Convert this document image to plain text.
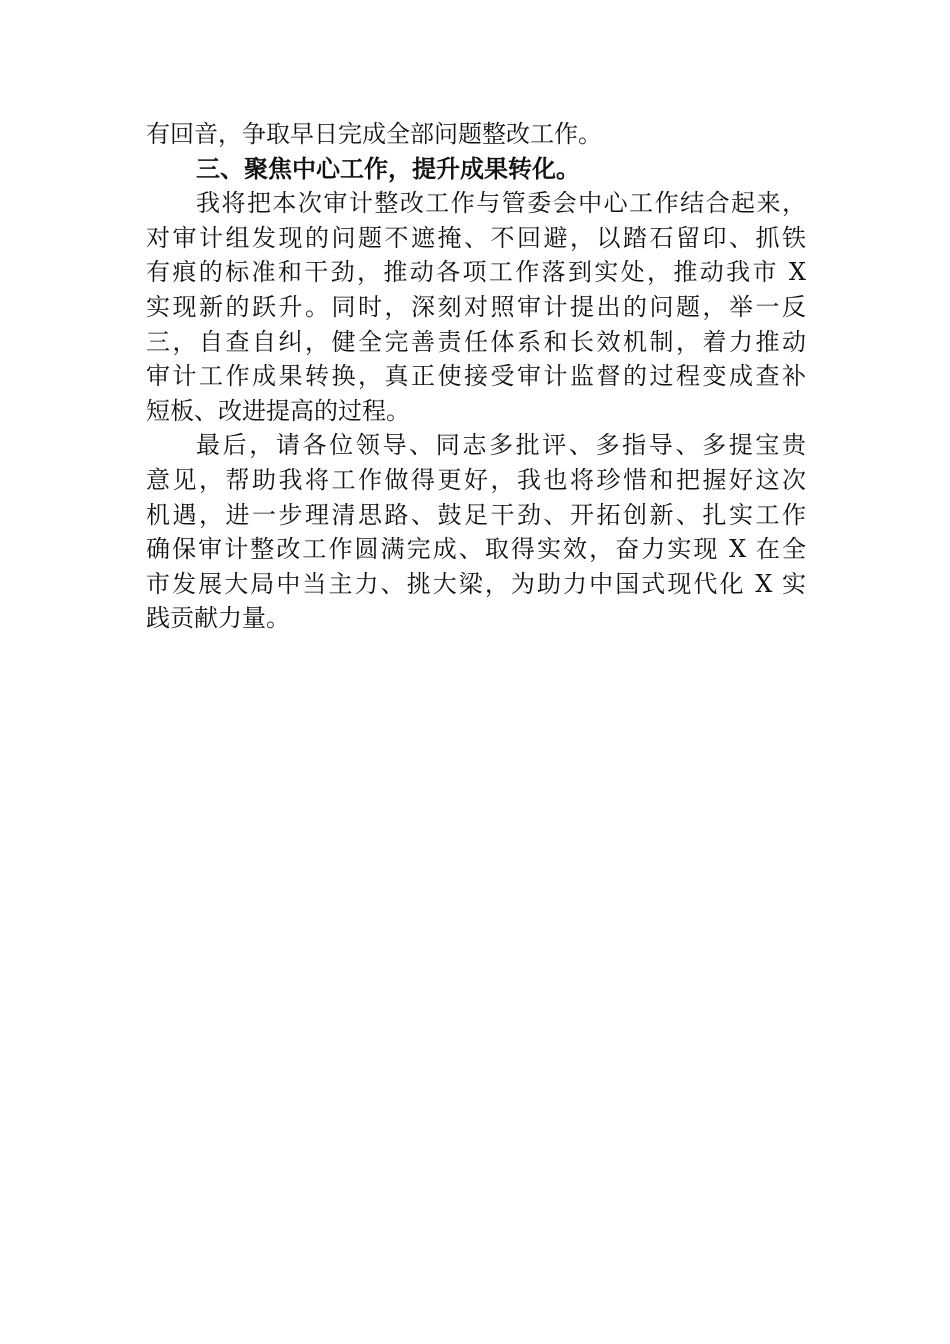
有回音，争取早日完成全部问题整改工作。
三、聚焦中心工作，提升成果转化。
我将把本次审计整改工作与管委会中心工作结合起来，
对审计组发现的问题不遮掩、不回避，以踏石留印、抓铁
有痕的标准和干劲，推动各项工作落到实处，推动我市 X
实现新的跃升。同时，深刻对照审计提出的问题，举一反
三，自查自纠，健全完善责任体系和长效机制，着力推动
审计工作成果转换，真正使接受审计监督的过程变成查补
短板、改进提高的过程。
最后，请各位领导、同志多批评、多指导、多提宝贵
意见，帮助我将工作做得更好，我也将珍惜和把握好这次
机遇，进一步理清思路、鼓足干劲、开拓创新、扎实工作
确保审计整改工作圆满完成、取得实效，奋力实现 X 在全
市发展大局中当主力、挑大梁，为助力中国式现代化 X 实
践贡献力量。
